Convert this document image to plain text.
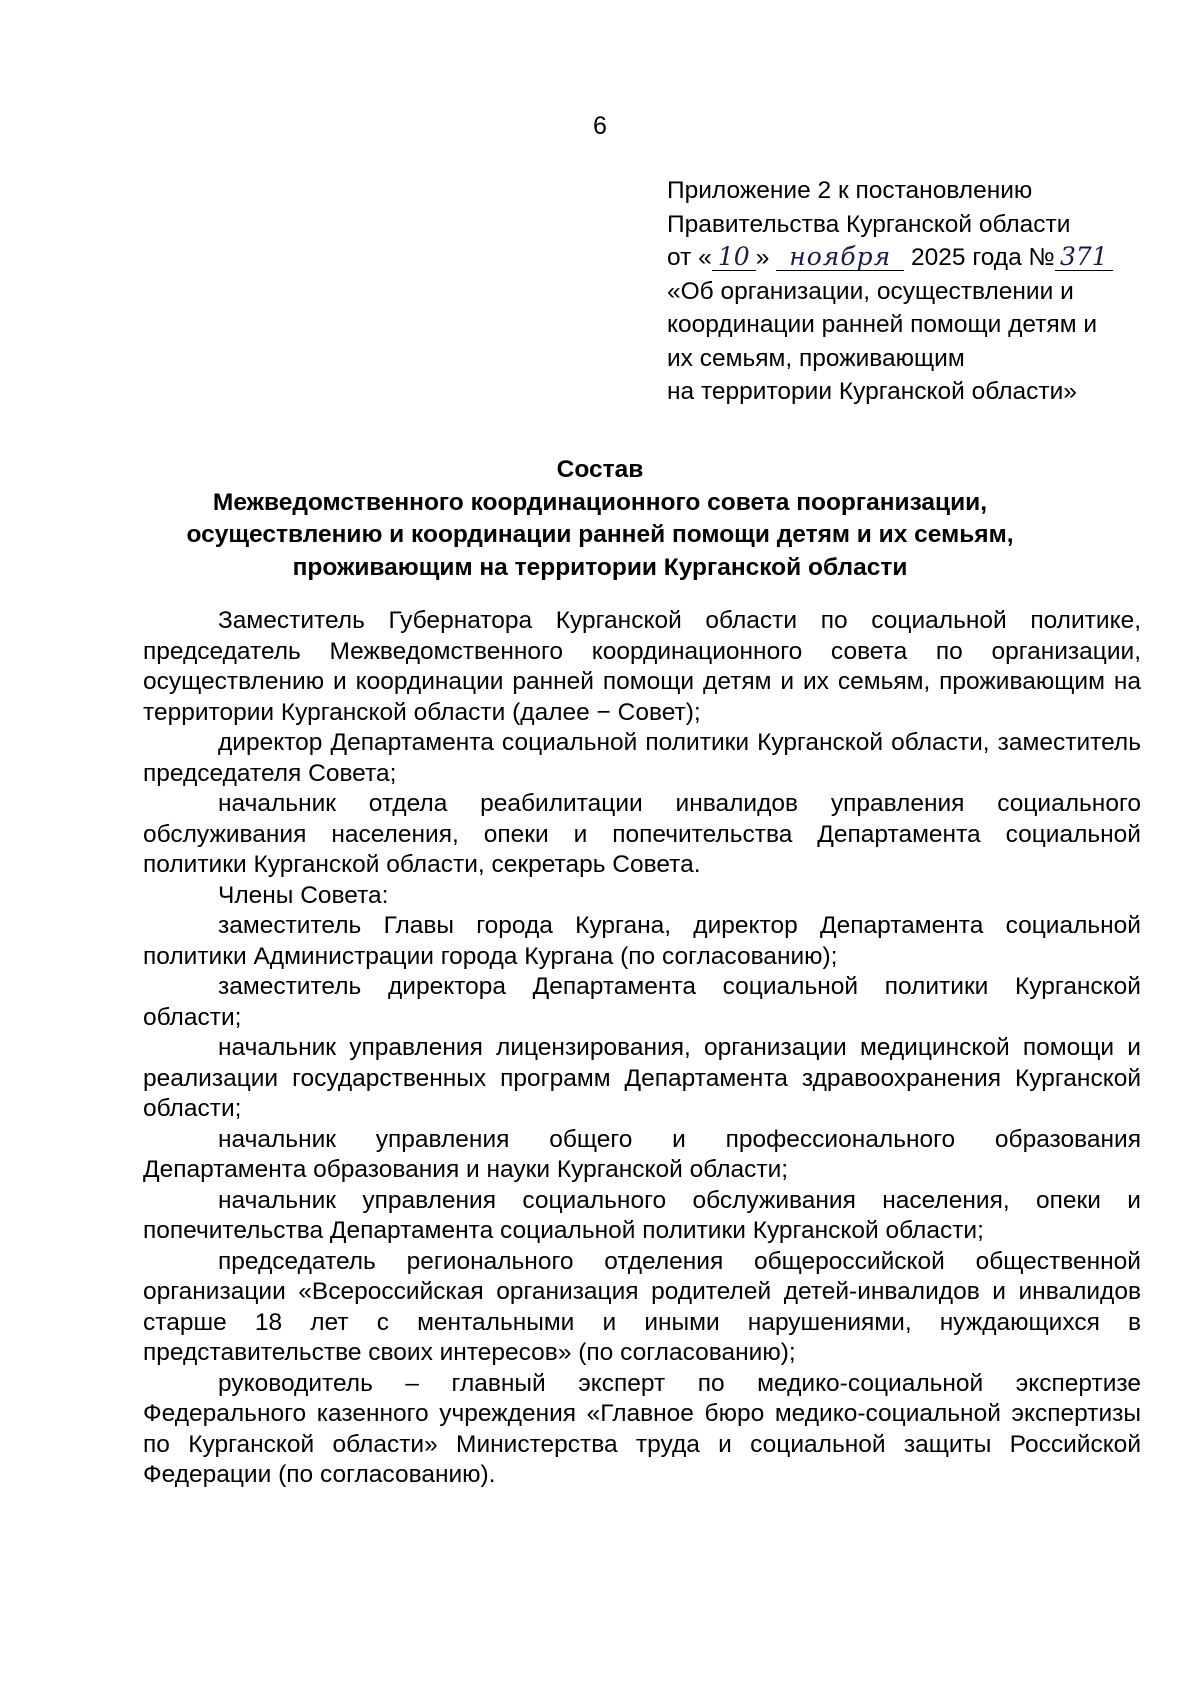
6
Приложение 2 к постановлению
Правительства Курганской области
от « 10 » ноября 2025 года № 371
«Об организации, осуществлении и
координации ранней помощи детям и
их семьям, проживающим
на территории Курганской области»
Состав
Межведомственного координационного совета поорганизации,
осуществлению и координации ранней помощи детям и их семьям,
проживающим на территории Курганской области

Заместитель Губернатора Курганской области по социальной политике, председатель Межведомственного координационного совета по организации, осуществлению и координации ранней помощи детям и их семьям, проживающим на территории Курганской области (далее − Совет);

директор Департамента социальной политики Курганской области, заместитель председателя Совета;

начальник отдела реабилитации инвалидов управления социального обслуживания населения, опеки и попечительства Департамента социальной политики Курганской области, секретарь Совета.

Члены Совета:

заместитель Главы города Кургана, директор Департамента социальной политики Администрации города Кургана (по согласованию);

заместитель директора Департамента социальной политики Курганской области;

начальник управления лицензирования, организации медицинской помощи и реализации государственных программ Департамента здравоохранения Курганской области;

начальник управления общего и профессионального образования Департамента образования и науки Курганской области;

начальник управления социального обслуживания населения, опеки и попечительства Департамента социальной политики Курганской области;

председатель регионального отделения общероссийской общественной организации «Всероссийская организация родителей детей-инвалидов и инвалидов старше 18 лет с ментальными и иными нарушениями, нуждающихся в представительстве своих интересов» (по согласованию);

руководитель – главный эксперт по медико-социальной экспертизе Федерального казенного учреждения «Главное бюро медико-социальной экспертизы по Курганской области» Министерства труда и социальной защиты Российской Федерации (по согласованию).
